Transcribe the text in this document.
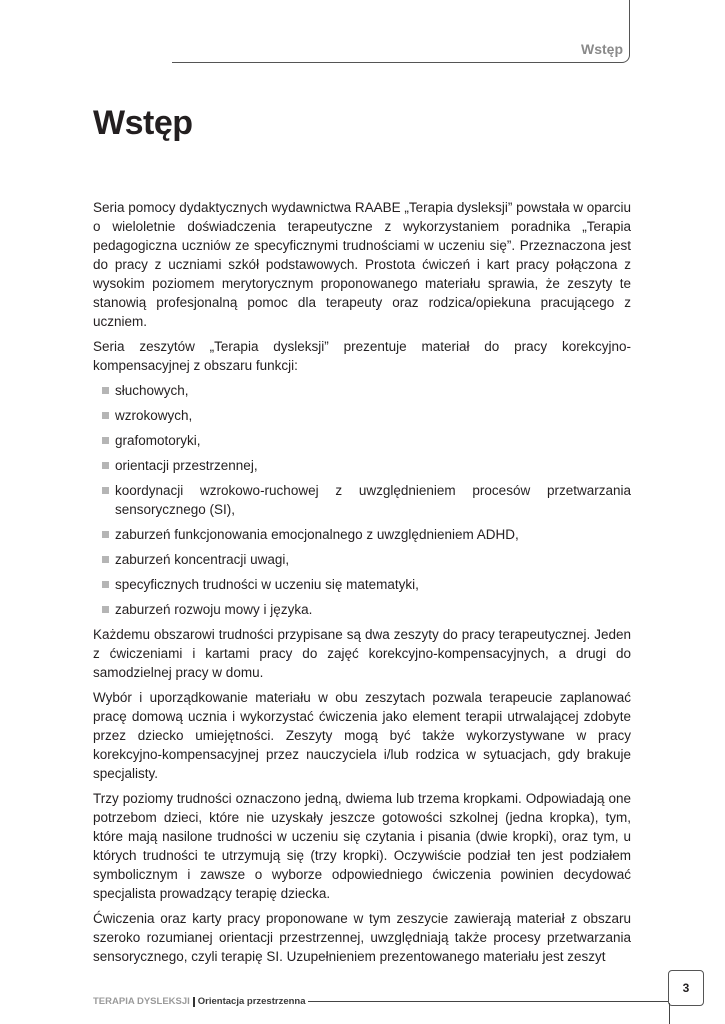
Wstęp
Wstęp

Seria pomocy dydaktycznych wydawnictwa RAABE „Terapia dysleksji” powstała w oparciu o wieloletnie doświadczenia terapeutyczne z wykorzystaniem poradnika „Terapia pedagogiczna uczniów ze specyficznymi trudnościami w uczeniu się”. Przeznaczona jest do pracy z uczniami szkół podstawowych. Prostota ćwiczeń i kart pracy połączona z wysokim poziomem merytorycznym proponowanego materiału sprawia, że zeszyty te stanowią profesjonalną pomoc dla terapeuty oraz rodzica/opiekuna pracującego z uczniem.

Seria zeszytów „Terapia dysleksji” prezentuje materiał do pracy korekcyjno-kompensacyjnej z obszaru funkcji:

słuchowych,
wzrokowych,
grafomotoryki,
orientacji przestrzennej,
koordynacji wzrokowo-ruchowej z uwzględnieniem procesów przetwarzania sensorycznego (SI),
zaburzeń funkcjonowania emocjonalnego z uwzględnieniem ADHD,
zaburzeń koncentracji uwagi,
specyficznych trudności w uczeniu się matematyki,
zaburzeń rozwoju mowy i języka.

Każdemu obszarowi trudności przypisane są dwa zeszyty do pracy terapeutycznej. Jeden z ćwiczeniami i kartami pracy do zajęć korekcyjno-kompensacyjnych, a drugi do samodzielnej pracy w domu.

Wybór i uporządkowanie materiału w obu zeszytach pozwala terapeucie zaplanować pracę domową ucznia i wykorzystać ćwiczenia jako element terapii utrwalającej zdobyte przez dziecko umiejętności. Zeszyty mogą być także wykorzystywane w pracy korekcyjno-kompensacyjnej przez nauczyciela i/lub rodzica w sytuacjach, gdy brakuje specjalisty.

Trzy poziomy trudności oznaczono jedną, dwiema lub trzema kropkami. Odpowiadają one potrzebom dzieci, które nie uzyskały jeszcze gotowości szkolnej (jedna kropka), tym, które mają nasilone trudności w uczeniu się czytania i pisania (dwie kropki), oraz tym, u których trudności te utrzymują się (trzy kropki). Oczywiście podział ten jest podziałem symbolicznym i zawsze o wyborze odpowiedniego ćwiczenia powinien decydować specjalista prowadzący terapię dziecka.

Ćwiczenia oraz karty pracy proponowane w tym zeszycie zawierają materiał z obszaru szeroko rozumianej orientacji przestrzennej, uwzględniają także procesy przetwarzania sensorycznego, czyli terapię SI. Uzupełnieniem prezentowanego materiału jest zeszyt

TERAPIA DYSLEKSJI Orientacja przestrzenna
3
